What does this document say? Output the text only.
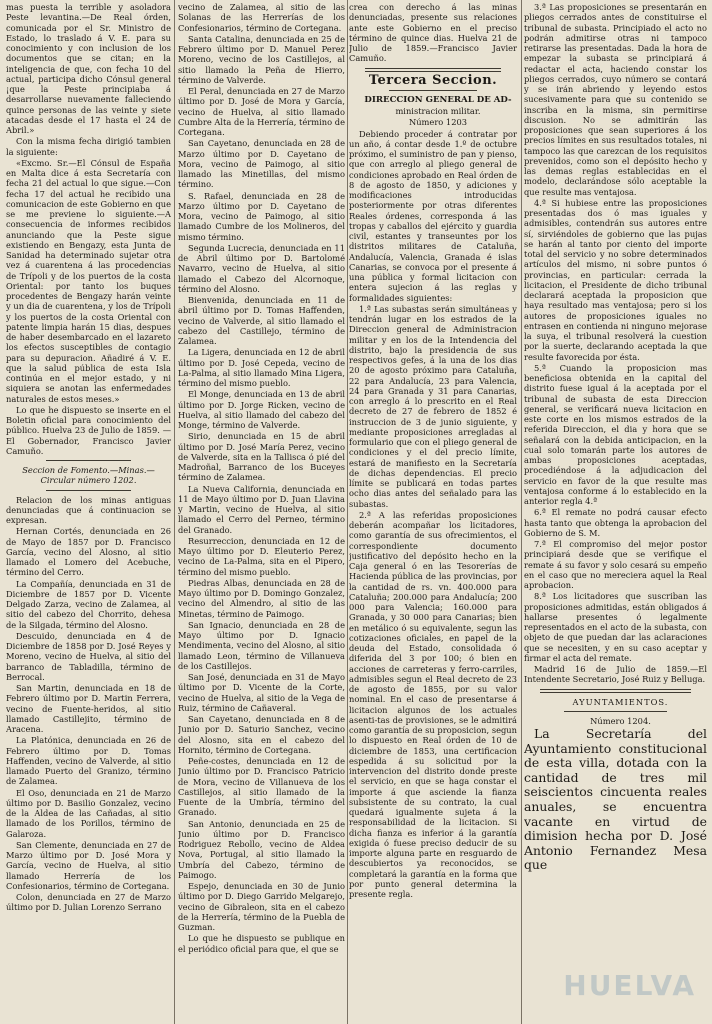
mas puesta la terrible y asoladora Peste levantina.—De Real órden, comunicada por el Sr. Ministro de Estado, lo traslado á V. E. para su conocimiento y con inclusion de los documentos que se citan; en la inteligencia de que, con fecha 10 del actual, participa dicho Cónsul general ¡que la Peste principiaba á desarrollarse nuevamente falleciendo quince personas de las veinte y siete atacadas desde el 17 hasta el 24 de Abril.»

Con la misma fecha dirigió tambien la siguiente:

«Excmo. Sr.—El Cónsul de España en Malta dice á esta Secretaría con fecha 21 del actual lo que sigue.—Con fecha 17 del actual he recibido una comunicacion de este Gobierno en que se me previene lo siguiente.—A consecuencia de informes recibidos anunciando que la Peste sigue existiendo en Bengazy, esta Junta de Sanidad ha determinado sujetar otra vez á cuarentena á las procedencias de Trípoli y de los puertos de la costa Oriental: por tanto los buques procedentes de Bengazy harán veinte y un dia de cuarentena, y los de Trípoli y los puertos de la costa Oriental con patente limpia harán 15 dias, despues de haber desembarcado en el lazareto los efectos susceptibles de contagio para su depuracion. Añadiré á V. E. que la salud pública de esta Isla continúa en el mejor estado, y ni siquiera se anotan las enfermedades naturales de estos meses.»

Lo que he dispuesto se inserte en el Boletin oficial para conocimiento del público. Huelva 23 de Julio de 1859. —El Gobernador, Francisco Javier Camuño.

Seccion de Fomento.—Minas.—Circular número 1202.

Relacion de los minas antiguas denunciadas que á continuacion se expresan.

Hernan Cortés, denunciada en 26 de Mayo de 1857 por D. Francisco García, vecino del Alosno, al sitio llamado el Lomero del Acebuche, término del Cerro.

La Compañía, denunciada en 31 de Diciembre de 1857 por D. Vicente Delgado Zarza, vecino de Zalamea, al sitio del cabezo del Chorrito, dehesa de la Silgada, término del Alosno.

Descuido, denunciada en 4 de Diciembre de 1858 por D. José Reyes y Moreno, vecino de Huelva, al sitio del barranco de Tabladilla, término de Berrocal.

San Martin, denunciada en 18 de Febrero último por D. Martin Ferrera, vecino de Fuente-heridos, al sitio llamado Castillejito, término de Aracena.

La Platónica, denunciada en 26 de Febrero último por D. Tomas Haffenden, vecino de Valverde, al sitio llamado Puerto del Granizo, término de Zalamea.

El Oso, denunciada en 21 de Marzo último por D. Basilio Gonzalez, vecino de la Aldea de las Cañadas, al sitio llamado de los Porillos, término de Galaroza.

San Clemente, denunciada en 27 de Marzo último por D. José Mora y García, vecino de Huelva, al sitio llamado Herrería de los Confesionarios, término de Cortegana.

Colon, denunciada en 27 de Marzo último por D. Julian Lorenzo Serrano

vecino de Zalamea, al sitio de las Solanas de las Herrerías de los Confesionarios, término de Cortegana.

Santa Catalina, denunciada en 25 de Febrero último por D. Manuel Perez Moreno, vecino de los Castillejos, al sitio llamado la Peña de Hierro, término de Valverde.

El Peral, denunciada en 27 de Marzo último por D. José de Mora y García, vecino de Huelva, al sitio llamado Cumbre Alta de la Herrería, término de Cortegana.

San Cayetano, denunciada en 28 de Marzo último por D. Cayetano de Mora, vecino de Paimogo, al sitio llamado las Minetillas, del mismo término.

S. Rafael, denunciada en 28 de Marzo último por D. Cayetano de Mora, vecino de Paimogo, al sitio llamado Cumbre de los Molineros, del mismo término.

Segunda Lucrecia, denunciada en 11 de Abril último por D. Bartolomé Navarro, vecino de Huelva, al sitio llamado el Cabezo del Alcornoque, término del Alosno.

Bienvenida, denunciada en 11 de abril último por D. Tomas Haffenden, vecino de Valverde, al sitio llamado el cabezo del Castillejo, término de Zalamea.

La Ligera, denunciada en 12 de abril último por D. José Cepeda, vecino de La-Palma, al sitio llamado Mina Ligera, término del mismo pueblo.

El Monge, denunciada en 13 de abril último por D. Jorge Ricken, vecino de Huelva, al sitio llamado del cabezo del Monge, término de Valverde.

Sirio, denunciada en 15 de abril último por D. José María Perez, vecino de Valverde, sita en la Tallisca ó pié del Madroñal, Barranco de los Buceyes término de Zalamea.

La Nueva California, denunciada en 11 de Mayo último por D. Juan Llavina y Martin, vecino de Huelva, al sitio llamado el Cerro del Perneo, término del Granado.

Resurreccion, denunciada en 12 de Mayo último por D. Eleuterio Perez, vecino de La-Palma, sita en el Pipero, término del mismo pueblo.

Piedras Albas, denunciada en 28 de Mayo último por D. Domingo Gonzalez, vecino del Almendro, al sitio de las Minetas, término de Paimogo.

San Ignacio, denunciada en 28 de Mayo último por D. Ignacio Mendimenta, vecino del Alosno, al sitio llamado Leon, término de Villanueva de los Castillejos.

San José, denunciada en 31 de Mayo último por D. Vicente de la Corte, vecino de Huelva, al sitio de la Vega de Ruiz, término de Cañaveral.

San Cayetano, denunciada en 8 de Junio por D. Saturio Sanchez, vecino del Alosno, sita en el cabezo del Hornito, término de Cortegana.

Peñe-costes, denunciada en 12 de Junio último por D. Francisco Patricio de Mora, vecino de Villanueva de los Castillejos, al sitio llamado de la Fuente de la Umbría, término del Granado.

San Antonio, denunciada en 25 de Junio último por D. Francisco Rodriguez Rebollo, vecino de Aldea Nova, Portugal, al sitio llamado la Umbría del Cabezo, término de Paimogo.

Espejo, denunciada en 30 de Junio último por D. Diego Garrido Melgarejo, vecino de Gibraleon, sita en el cabezo de la Herrería, término de la Puebla de Guzman.

Lo que he dispuesto se publique en el periódico oficial para que, el que se

crea con derecho á las minas denunciadas, presente sus relaciones ante este Gobierno en el preciso término de quince dias. Huelva 21 de Julio de 1859.—Francisco Javier Camuño.

Tercera Seccion.

DIRECCION GENERAL DE AD-

ministracion militar.

Número 1203

Debiendo proceder á contratar por un año, á contar desde 1.º de octubre próximo, el suministro de pan y pienso, que con arreglo al pliego general de condiciones aprobado en Real órden de 8 de agosto de 1850, y adiciones y modificaciones introducidas posteriormente por otras diferentes Reales órdenes, corresponda á las tropas y caballos del ejército y guardia civil, estantes y transeuntes por los distritos militares de Cataluña, Andalucía, Valencia, Granada é islas Canarias, se convoca por el presente á una pública y formal licitacion con entera sujecion á las reglas y formalidades siguientes:

1.ª Las subastas serán simultáneas y tendrán lugar en los estrados de la Direccion general de Administracion militar y en los de la Intendencia del distrito, bajo la presidencia de sus respectivos gefes, á la una de los dias 20 de agosto próximo para Cataluña, 22 para Andalucía, 23 para Valencia, 24 para Granada y 31 para Canarias, con arreglo á lo prescrito en el Real decreto de 27 de febrero de 1852 é instruccion de 3 de junio siguiente, y mediante proposiciones arregladas al formulario que con el pliego general de condiciones y el del precio límite, estará de manifiesto en la Secretaría de dichas dependencias. El precio límite se publicará en todas partes ocho dias antes del señalado para las subastas.

2.ª A las referidas proposiciones deberán acompañar los licitadores, como garantía de sus ofrecimientos, el correspondiente documento justificativo del depósito hecho en la Caja general ó en las Tesorerías de Hacienda pública de las provincias, por la cantidad de rs. vn. 400.000 para Cataluña; 200.000 para Andalucía; 200 000 para Valencia; 160.000 para Granada, y 30 000 para Canarias; bien en metálico ó su equivalente, segun las cotizaciones oficiales, en papel de la deuda del Estado, consolidada ó diferida del 3 por 100; ó bien en acciones de carreteras y ferro-carriles, admisibles segun el Real decreto de 23 de agosto de 1855, por su valor nominal. En el caso de presentarse á licitacion algunos de los actuales asenti-tas de provisiones, se le admitirá como garantía de su proposicion, segun lo dispuesto en Real órden de 10 de diciembre de 1853, una certificacion espedida á su solicitud por la intervencion del distrito donde preste el servicio, en que se haga constar el importe á que asciende la fianza subsistente de su contrato, la cual quedará igualmente sujeta á la responsabilidad de la licitacion. Si dicha fianza es inferior á la garantía exigida ó fuese preciso deducir de su importe alguna parte en resguardo de descubiertos ya reconocidos, se completará la garantía en la forma que por punto general determina la presente regla.

3.ª Las proposiciones se presentarán en pliegos cerrados antes de constituirse el tribunal de subasta. Principiado el acto no podrán admitirse otras ni tampoco retirarse las presentadas. Dada la hora de empezar la subasta se principiará á redactar el acta, haciendo constar los pliegos cerrados, cuyo número se contará y se irán abriendo y leyendo estos sucesivamente para que su contenido se inscriba en la misma, sin permitirse discusion. No se admitirán las proposiciones que sean superiores á los precios límites en sus resultados totales, ni tampoco las que carezcan de los requisitos prevenidos, como son el depósito hecho y las demas reglas establecidas en el modelo, declarándose sólo aceptable la que resulte mas ventajosa.

4.ª Si hubiese entre las proposiciones presentadas dos ó mas iguales y admisibles, contendrán sus autores entre sí, sirviéndoles de gobierno que las pujas se harán al tanto por ciento del importe total del servicio y no sobre determinados artículos del mismo, ni sobre puntos ó provincias, en particular: cerrada la licitacion, el Presidente de dicho tribunal declarará aceptada la proposicion que haya resultado mas ventajosa; pero si los autores de proposiciones iguales no entrasen en contienda ni ninguno mejorase la suya, el tribunal resolverá la cuestion por la suerte, declarando aceptada la que resulte favorecida por ésta.

5.ª Cuando la proposicion mas beneficiosa obtenida en la capital del distrito fuese igual á la aceptada por el tribunal de subasta de esta Direccion general, se verificará nueva licitacion en este corte en los mismos estrados de la referida Direccion, el dia y hora que se señalará con la debida anticipacion, en la cual solo tomarán parte los autores de ambas proposiciones aceptadas, procediéndose á la adjudicacion del servicio en favor de la que resulte mas ventajosa conforme á lo establecido en la anterior regla 4.ª

6.ª El remate no podrá causar efecto hasta tanto que obtenga la aprobacion del Gobierno de S. M.

7.ª El compromiso del mejor postor principiará desde que se verifique el remate á su favor y solo cesará su empeño en el caso que no mereciera aquel la Real aprobacion.

8.ª Los licitadores que suscriban las proposiciones admitidas, están obligados á hallarse presentes ó legalmente representados en el acto de la subasta, con objeto de que puedan dar las aclaraciones que se necesiten, y en su caso aceptar y firmar el acta del remate.

Madrid 16 de Julio de 1859.—El Intendente Secretario, José Ruiz y Belluga.

AYUNTAMIENTOS.

Número 1204.

La Secretaría del Ayuntamiento constitucional de esta villa, dotada con la cantidad de tres mil seiscientos cincuenta reales anuales, se encuentra vacante en virtud de dimision hecha por D. José Antonio Fernandez Mesa que

HUELVA
